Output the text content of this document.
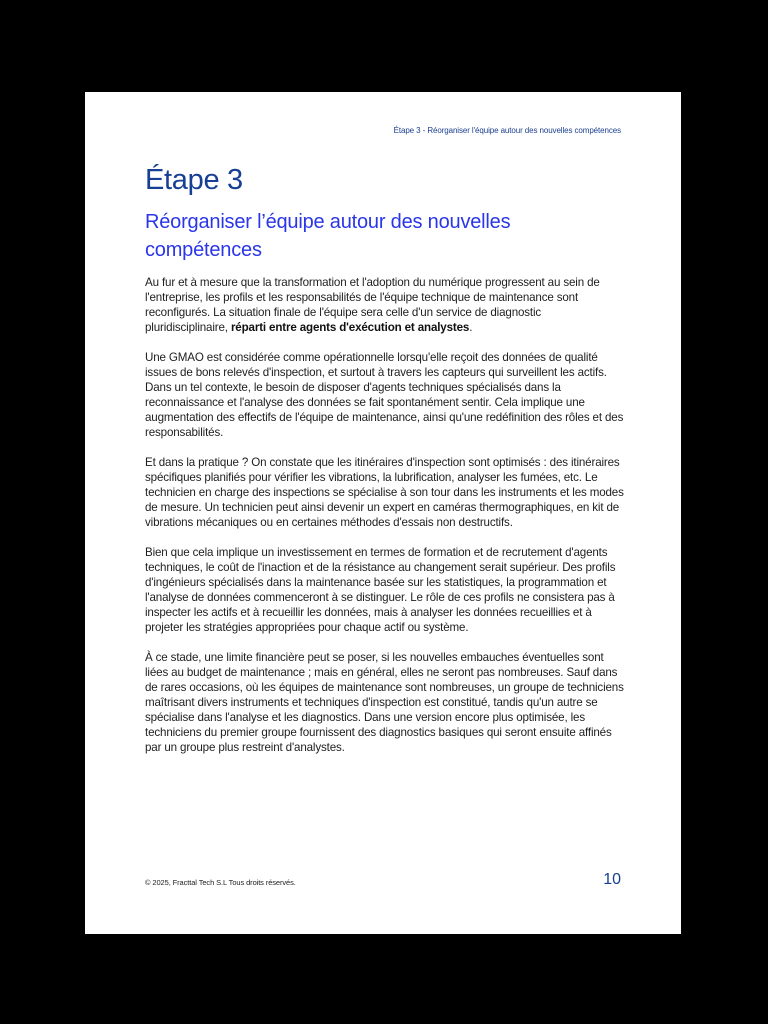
Étape 3 - Réorganiser l'équipe autour des nouvelles compétences
Étape 3
Réorganiser l’équipe autour des nouvelles compétences

Au fur et à mesure que la transformation et l'adoption du numérique progressent au sein de l'entreprise, les profils et les responsabilités de l'équipe technique de maintenance sont reconfigurés. La situation finale de l'équipe sera celle d'un service de diagnostic pluridisciplinaire, réparti entre agents d'exécution et analystes.

Une GMAO est considérée comme opérationnelle lorsqu'elle reçoit des données de qualité issues de bons relevés d'inspection, et surtout à travers les capteurs qui surveillent les actifs. Dans un tel contexte, le besoin de disposer d'agents techniques spécialisés dans la reconnaissance et l'analyse des données se fait spontanément sentir. Cela implique une augmentation des effectifs de l'équipe de maintenance, ainsi qu'une redéfinition des rôles et des responsabilités.

Et dans la pratique ? On constate que les itinéraires d'inspection sont optimisés : des itinéraires spécifiques planifiés pour vérifier les vibrations, la lubrification, analyser les fumées, etc. Le technicien en charge des inspections se spécialise à son tour dans les instruments et les modes de mesure. Un technicien peut ainsi devenir un expert en caméras thermographiques, en kit de vibrations mécaniques ou en certaines méthodes d'essais non destructifs.

Bien que cela implique un investissement en termes de formation et de recrutement d'agents techniques, le coût de l'inaction et de la résistance au changement serait supérieur. Des profils d'ingénieurs spécialisés dans la maintenance basée sur les statistiques, la programmation et l'analyse de données commenceront à se distinguer. Le rôle de ces profils ne consistera pas à inspecter les actifs et à recueillir les données, mais à analyser les données recueillies et à projeter les stratégies appropriées pour chaque actif ou système.

À ce stade, une limite financière peut se poser, si les nouvelles embauches éventuelles sont liées au budget de maintenance ; mais en général, elles ne seront pas nombreuses. Sauf dans de rares occasions, où les équipes de maintenance sont nombreuses, un groupe de techniciens maîtrisant divers instruments et techniques d'inspection est constitué, tandis qu'un autre se spécialise dans l'analyse et les diagnostics. Dans une version encore plus optimisée, les techniciens du premier groupe fournissent des diagnostics basiques qui seront ensuite affinés par un groupe plus restreint d'analystes.

© 2025, Fracttal Tech S.L Tous droits réservés.	10
